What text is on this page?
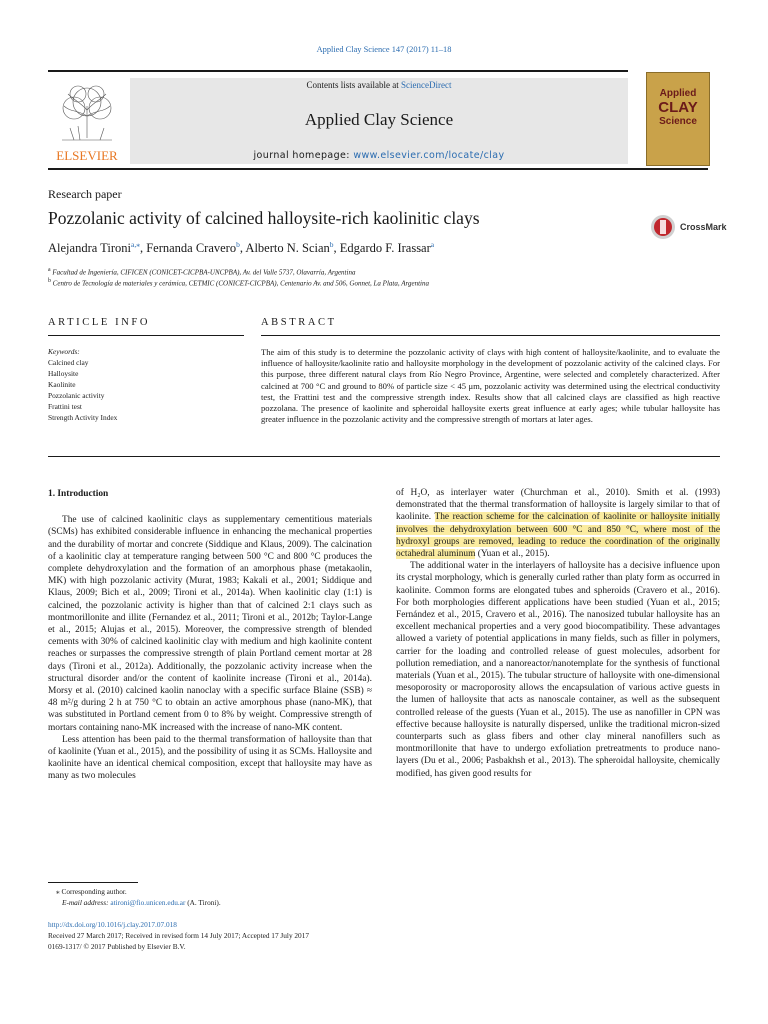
Applied Clay Science 147 (2017) 11–18
ELSEVIER
Contents lists available at ScienceDirect
Applied Clay Science
journal homepage: www.elsevier.com/locate/clay

Applied
CLAY
Science
Research paper
Pozzolanic activity of calcined halloysite-rich kaolinitic clays	CrossMark
Alejandra Tironi$^{a,⁎}$, Fernanda Cravero$^b$, Alberto N. Scian$^b$, Edgardo F. Irassar$^a$
$^a$ Facultad de Ingeniería, CIFICEN (CONICET-CICPBA-UNCPBA), Av. del Valle 5737, Olavarría, Argentina
$^b$ Centro de Tecnología de materiales y cerámica, CETMIC (CONICET-CICPBA), Centenario Av. and 506, Gonnet, La Plata, Argentina
ARTICLE INFO	ABSTRACT
Keywords:
Calcined clay
Halloysite
Kaolinite
Pozzolanic activity
Frattini test
Strength Activity Index
The aim of this study is to determine the pozzolanic activity of clays with high content of halloysite/kaolinite, and to evaluate the influence of halloysite/kaolinite ratio and halloysite morphology in the development of pozzolanic activity of the calcined clays. For this purpose, three different natural clays from Río Negro Province, Argentine, were selected and completely characterized. After calcined at 700 °C and ground to 80% of particle size < 45 μm, pozzolanic activity was determined using the electrical conductivity test, the Frattini test and the compressive strength index. Results show that all calcined clays are classified as high reactive pozzolana. The presence of kaolinite and spheroidal halloysite exerts great influence at early ages; while tubular halloysite has greater influence in the pozzolanic activity and the compressive strength of mortars at later ages.
1. Introduction

The use of calcined kaolinitic clays as supplementary cementitious materials (SCMs) has exhibited considerable influence in enhancing the mechanical properties and the durability of mortar and concrete (Siddique and Klaus, 2009). The calcination of a kaolinitic clay at temperature ranging between 500 °C and 800 °C produces the complete dehydroxylation and the formation of an amorphous phase (metakaolin, MK) with high pozzolanic activity (Murat, 1983; Kakali et al., 2001; Siddique and Klaus, 2009; Bich et al., 2009; Tironi et al., 2014a). When kaolinitic clay (1:1) is calcined, the pozzolanic activity is higher than that of calcined 2:1 clays such as montmorillonite and illite (Fernandez et al., 2011; Tironi et al., 2012b; Taylor-Lange et al., 2015; Alujas et al., 2015). Moreover, the compressive strength of blended cements with 30% of calcined kaolinitic clay with medium and high kaolinite content reaches or surpasses the compressive strength of plain Portland cement mortar at 28 days (Tironi et al., 2012a). Additionally, the pozzolanic activity increase when the structural disorder and/or the content of kaolinite increase (Tironi et al., 2014a). Morsy et al. (2010) calcined kaolin nanoclay with a specific surface Blaine (SSB) ≈ 48 m²/g during 2 h at 750 °C to obtain an active amorphous phase (nano-MK), that was substituted in Portland cement from 0 to 8% by weight. Compressive strength of mortars containing nano-MK increased with the increase of nano-MK content.

Less attention has been paid to the thermal transformation of halloysite than that of kaolinite (Yuan et al., 2015), and the possibility of using it as SCMs. Halloysite and kaolinite have an identical chemical composition, except that halloysite may have as many as two molecules

of H₂O, as interlayer water (Churchman et al., 2010). Smith et al. (1993) demonstrated that the thermal transformation of halloysite is largely similar to that of kaolinite. The reaction scheme for the calcination of kaolinite or halloysite initially involves the dehydroxylation between 600 °C and 850 °C, where most of the hydroxyl groups are removed, leading to reduce the coordination of the originally octahedral aluminum (Yuan et al., 2015).

The additional water in the interlayers of halloysite has a decisive influence upon its crystal morphology, which is generally curled rather than platy form as occurred in kaolinite. Common forms are elongated tubes and spheroids (Cravero et al., 2016). For both morphologies different applications have been studied (Yuan et al., 2015; Fernández et al., 2015, Cravero et al., 2016). The nanosized tubular halloysite has an excellent mechanical properties and a very good biocompatibility. These advantages allowed a variety of potential applications in many fields, such as filler in polymers, carrier for the loading and controlled release of guest molecules, adsorbent for pollution remediation, and a nanoreactor/nanotemplate for the synthesis of functional materials (Yuan et al., 2015). The tubular structure of halloysite with one-dimensional mesoporosity or macroporosity allows the encapsulation of various active guests in the lumen of halloysite that acts as nanoscale container, as well as the subsequent controlled release of the guests (Yuan et al., 2015). The use as nanofiller in CPN was effective because halloysite is naturally dispersed, unlike the traditional micron-sized counterparts such as glass fibers and other clay mineral nanofillers such as montmorillonite that have to undergo exfoliation pretreatments to produce nano-layers (Du et al., 2006; Pasbakhsh et al., 2013). The spheroidal halloysite, chemically modified, has given good results for

⁎ Corresponding author.
E-mail address: atironi@fio.unicen.edu.ar (A. Tironi).
http://dx.doi.org/10.1016/j.clay.2017.07.018
Received 27 March 2017; Received in revised form 14 July 2017; Accepted 17 July 2017
0169-1317/ © 2017 Published by Elsevier B.V.
